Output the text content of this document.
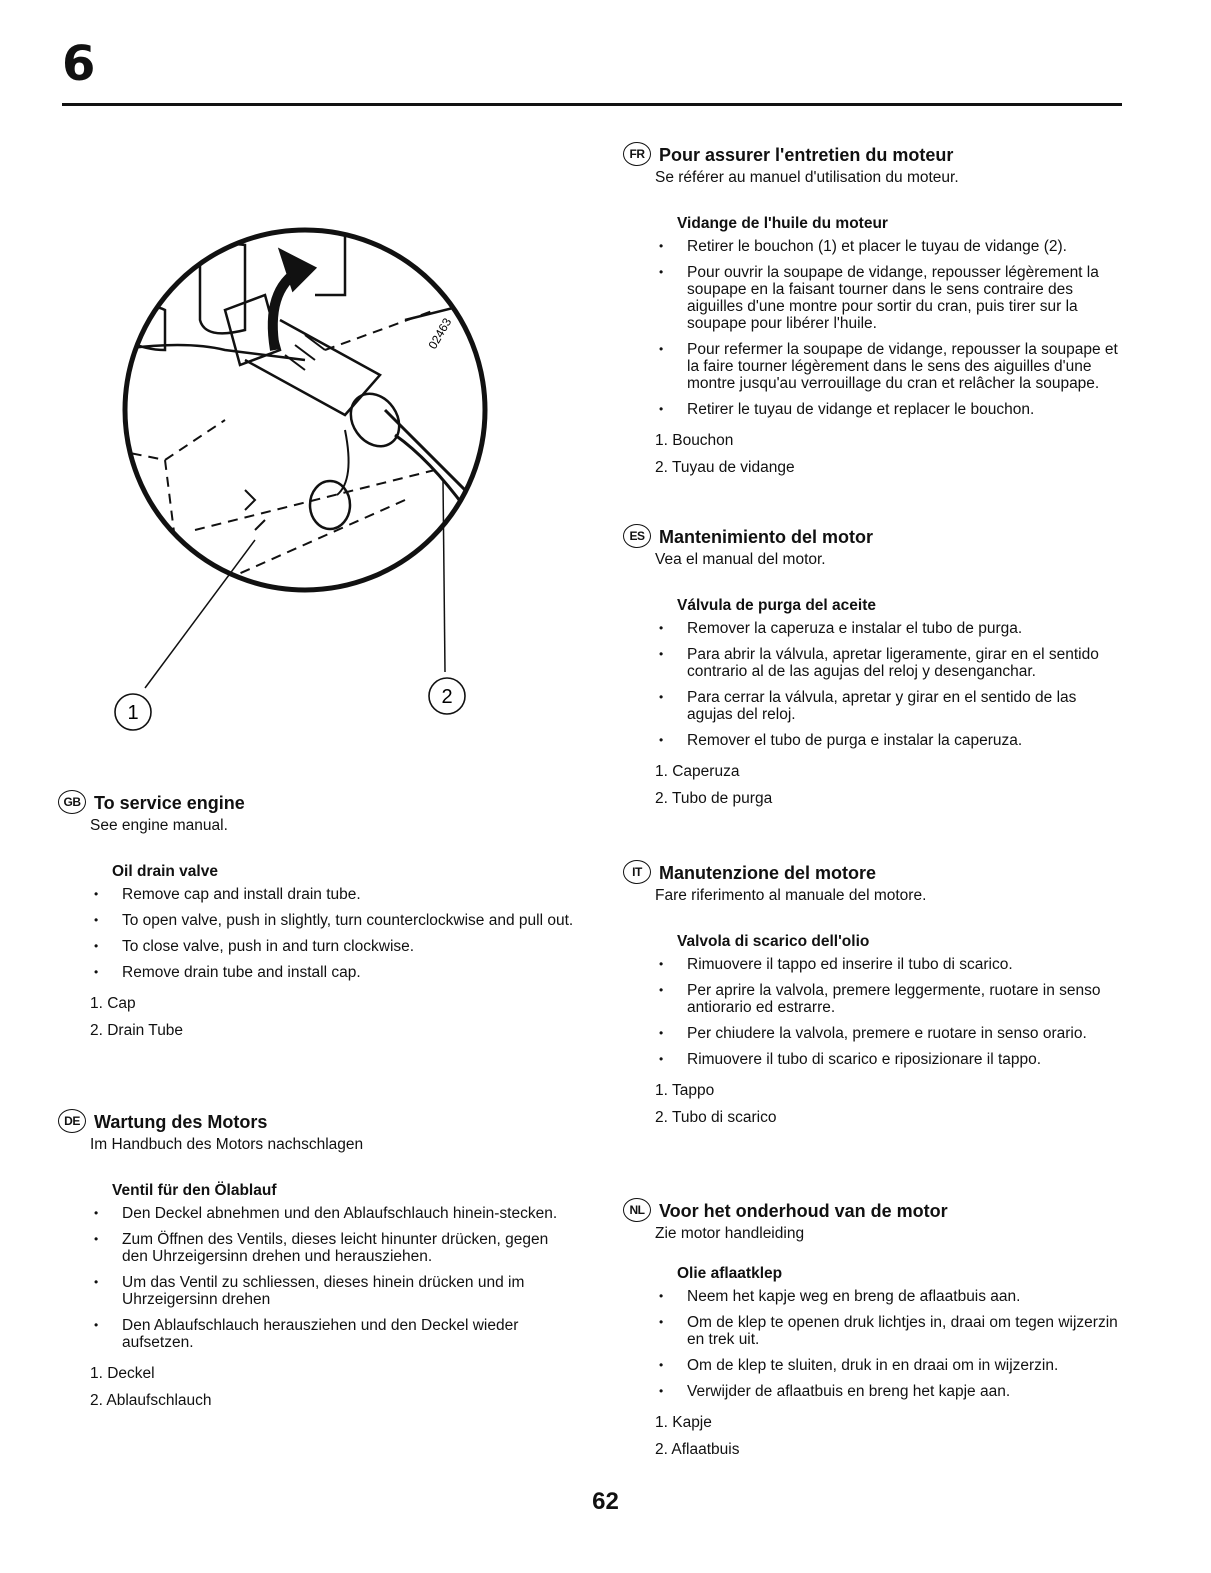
6
02463
1
2
GB To service engine
See engine manual.
Oil drain valve
• Remove cap and install drain tube.
• To open valve, push in slightly, turn counterclockwise and pull out.
• To close valve, push in and turn clockwise.
• Remove drain tube and install cap.
1. Cap
2. Drain Tube
DE Wartung des Motors
Im Handbuch des Motors nachschlagen
Ventil für den Ölablauf
• Den Deckel abnehmen und den Ablaufschlauch hinein-stecken.
• Zum Öffnen des Ventils, dieses leicht hinunter drücken, gegen den Uhrzeigersinn drehen und herausziehen.
• Um das Ventil zu schliessen, dieses hinein drücken und im Uhrzeigersinn drehen
• Den Ablaufschlauch herausziehen und den Deckel wieder aufsetzen.
1. Deckel
2. Ablaufschlauch
FR Pour assurer l'entretien du moteur
Se référer au manuel d'utilisation du moteur.
Vidange de l'huile du moteur
• Retirer le bouchon (1) et placer le tuyau de vidange (2).
• Pour ouvrir la soupape de vidange, repousser légèrement la soupape en la faisant tourner dans le sens contraire des aiguilles d'une montre pour sortir du cran, puis tirer sur la soupape pour libérer l'huile.
• Pour refermer la soupape de vidange, repousser la soupape et la faire tourner légèrement dans le sens des aiguilles d'une montre jusqu'au verrouillage du cran et relâcher la soupape.
• Retirer le tuyau de vidange et replacer le bouchon.
1. Bouchon
2. Tuyau de vidange
ES Mantenimiento del motor
Vea el manual del motor.
Válvula de purga del aceite
• Remover la caperuza e instalar el tubo de purga.
• Para abrir la válvula, apretar ligeramente, girar en el sentido contrario al de las agujas del reloj y desenganchar.
• Para cerrar la válvula, apretar y girar en el sentido de las agujas del reloj.
• Remover el tubo de purga e instalar la caperuza.
1. Caperuza
2. Tubo de purga
IT Manutenzione del motore
Fare riferimento al manuale del motore.
Valvola di scarico dell'olio
• Rimuovere il tappo ed inserire il tubo di scarico.
• Per aprire la valvola, premere leggermente, ruotare in senso antiorario ed estrarre.
• Per chiudere la valvola, premere e ruotare in senso orario.
• Rimuovere il tubo di scarico e riposizionare il tappo.
1. Tappo
2. Tubo di scarico
NL Voor het onderhoud van de motor
Zie motor handleiding
Olie aflaatklep
• Neem het kapje weg en breng de aflaatbuis aan.
• Om de klep te openen druk lichtjes in, draai om tegen wijzerzin en trek uit.
• Om de klep te sluiten, druk in en draai om in wijzerzin.
• Verwijder de aflaatbuis en breng het kapje aan.
1. Kapje
2. Aflaatbuis
62
